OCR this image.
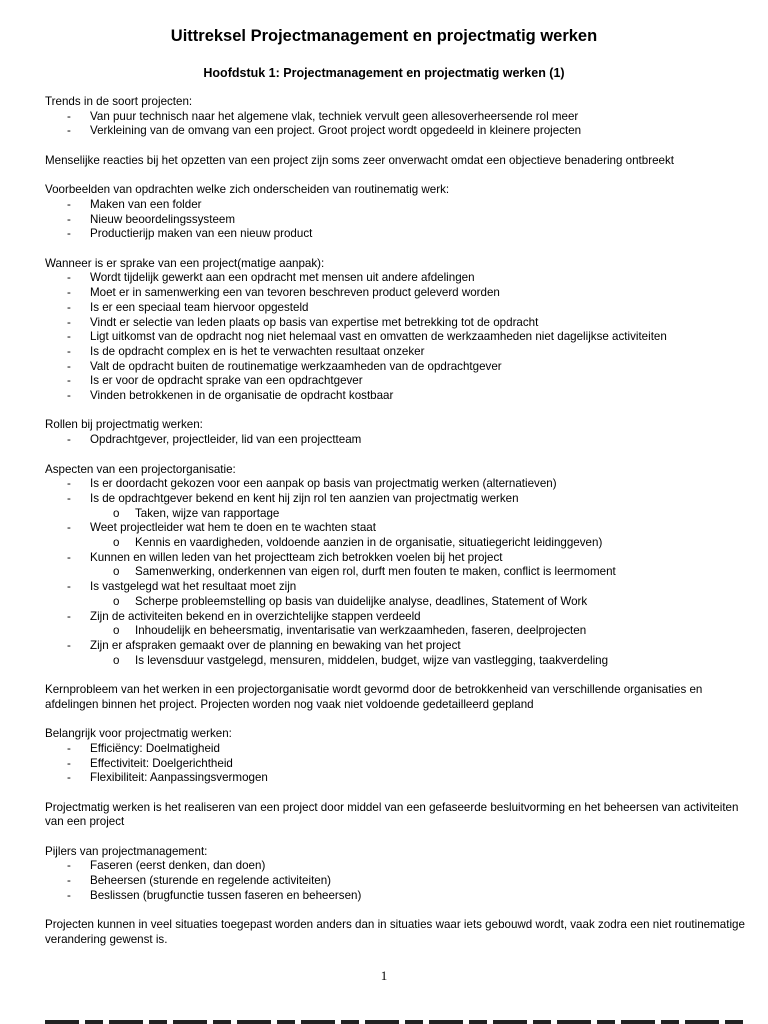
Uittreksel Projectmanagement en projectmatig werken
Hoofdstuk 1: Projectmanagement en projectmatig werken (1)

Trends in de soort projecten:

- Van puur technisch naar het algemene vlak, techniek vervult geen allesoverheersende rol meer
- Verkleining van de omvang van een project. Groot project wordt opgedeeld in kleinere projecten

Menselijke reacties bij het opzetten van een project zijn soms zeer onverwacht omdat een objectieve benadering ontbreekt

Voorbeelden van opdrachten welke zich onderscheiden van routinematig werk:

- Maken van een folder
- Nieuw beoordelingssysteem
- Productierijp maken van een nieuw product

Wanneer is er sprake van een project(matige aanpak):

- Wordt tijdelijk gewerkt aan een opdracht met mensen uit andere afdelingen
- Moet er in samenwerking een van tevoren beschreven product geleverd worden
- Is er een speciaal team hiervoor opgesteld
- Vindt er selectie van leden plaats op basis van expertise met betrekking tot de opdracht
- Ligt uitkomst van de opdracht nog niet helemaal vast en omvatten de werkzaamheden niet dagelijkse activiteiten
- Is de opdracht complex en is het te verwachten resultaat onzeker
- Valt de opdracht buiten de routinematige werkzaamheden van de opdrachtgever
- Is er voor de opdracht sprake van een opdrachtgever
- Vinden betrokkenen in de organisatie de opdracht kostbaar

Rollen bij projectmatig werken:

- Opdrachtgever, projectleider, lid van een projectteam

Aspecten van een projectorganisatie:

- Is er doordacht gekozen voor een aanpak op basis van projectmatig werken (alternatieven)
- Is de opdrachtgever bekend en kent hij zijn rol ten aanzien van projectmatig werken
o Taken, wijze van rapportage
- Weet projectleider wat hem te doen en te wachten staat
o Kennis en vaardigheden, voldoende aanzien in de organisatie, situatiegericht leidinggeven)
- Kunnen en willen leden van het projectteam zich betrokken voelen bij het project
o Samenwerking, onderkennen van eigen rol, durft men fouten te maken, conflict is leermoment
- Is vastgelegd wat het resultaat moet zijn
o Scherpe probleemstelling op basis van duidelijke analyse, deadlines, Statement of Work
- Zijn de activiteiten bekend en in overzichtelijke stappen verdeeld
o Inhoudelijk en beheersmatig, inventarisatie van werkzaamheden, faseren, deelprojecten
- Zijn er afspraken gemaakt over de planning en bewaking van het project
o Is levensduur vastgelegd, mensuren, middelen, budget, wijze van vastlegging, taakverdeling

Kernprobleem van het werken in een projectorganisatie wordt gevormd door de betrokkenheid van verschillende organisaties en afdelingen binnen het project. Projecten worden nog vaak niet voldoende gedetailleerd gepland

Belangrijk voor projectmatig werken:

- Efficiëncy: Doelmatigheid
- Effectiviteit: Doelgerichtheid
- Flexibiliteit: Aanpassingsvermogen

Projectmatig werken is het realiseren van een project door middel van een gefaseerde besluitvorming en het beheersen van activiteiten van een project

Pijlers van projectmanagement:

- Faseren (eerst denken, dan doen)
- Beheersen (sturende en regelende activiteiten)
- Beslissen (brugfunctie tussen faseren en beheersen)

Projecten kunnen in veel situaties toegepast worden anders dan in situaties waar iets gebouwd wordt, vaak zodra een niet routinematige verandering gewenst is.

1
